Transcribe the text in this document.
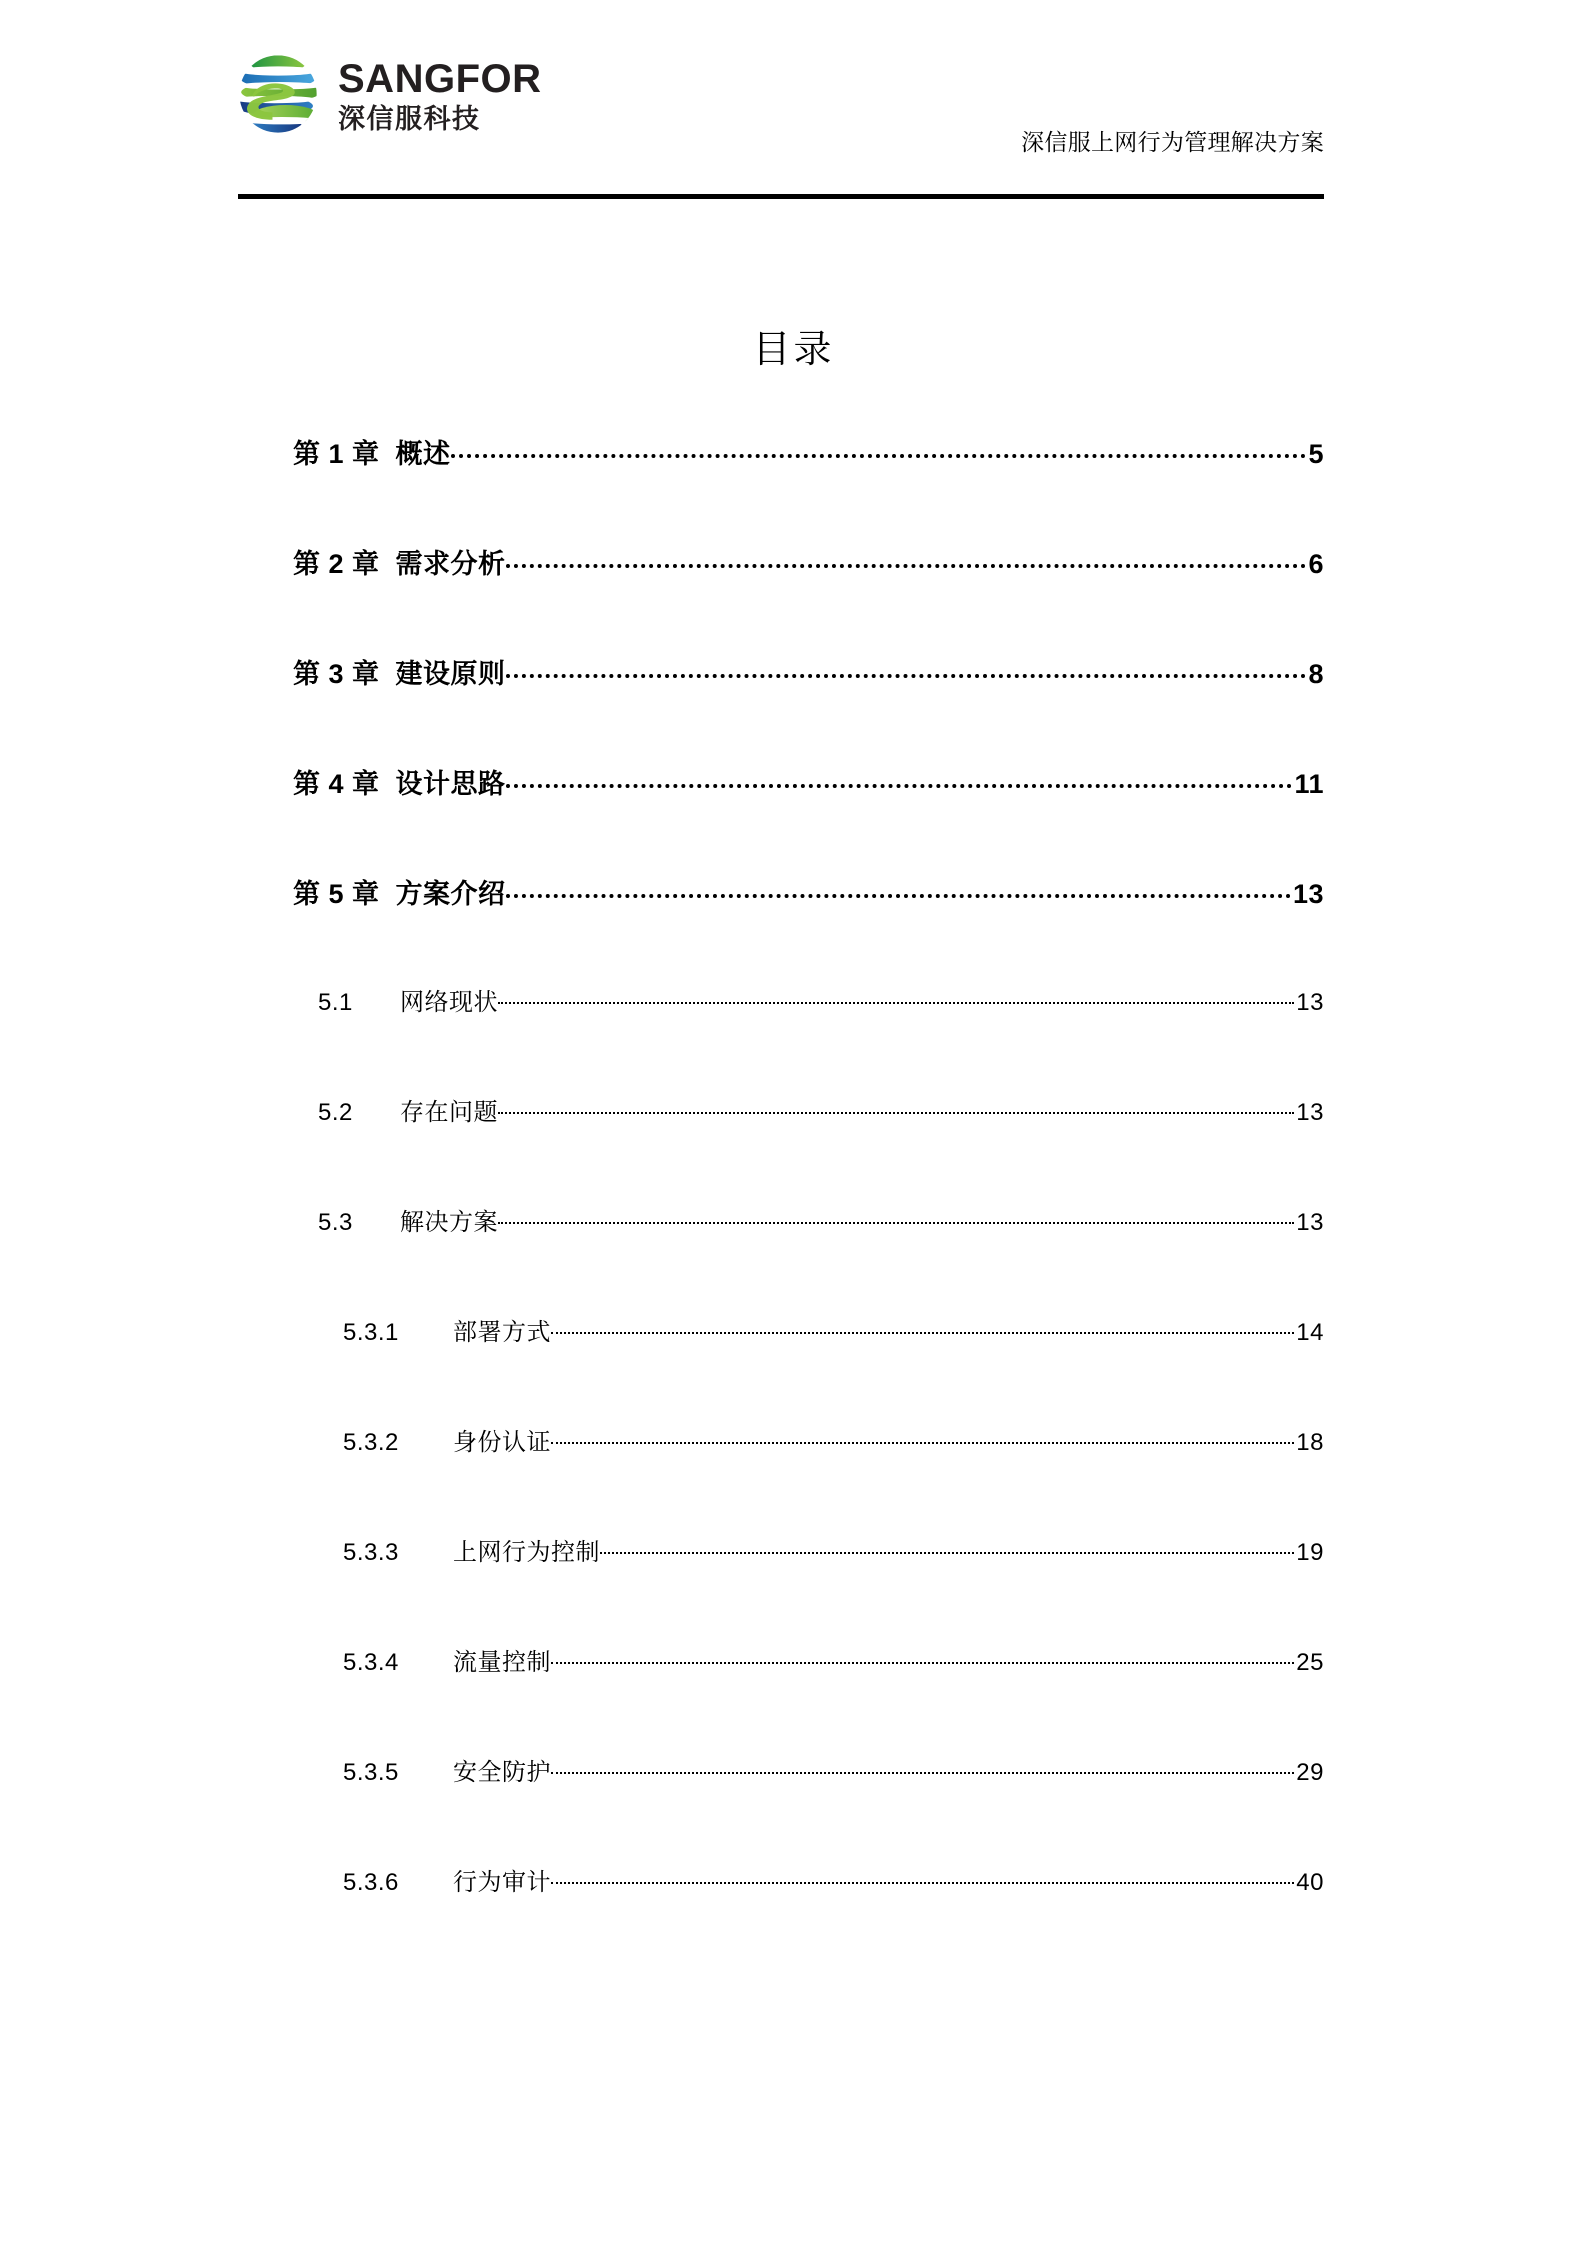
SANGFOR
深信服科技
深信服上网行为管理解决方案
目录
第 1 章 概述	5
第 2 章 需求分析	6
第 3 章 建设原则	8
第 4 章 设计思路	11
第 5 章 方案介绍	13
5.1	网络现状	13
5.2	存在问题	13
5.3	解决方案	13
5.3.1	部署方式	14
5.3.2	身份认证	18
5.3.3	上网行为控制	19
5.3.4	流量控制	25
5.3.5	安全防护	29
5.3.6	行为审计	40
